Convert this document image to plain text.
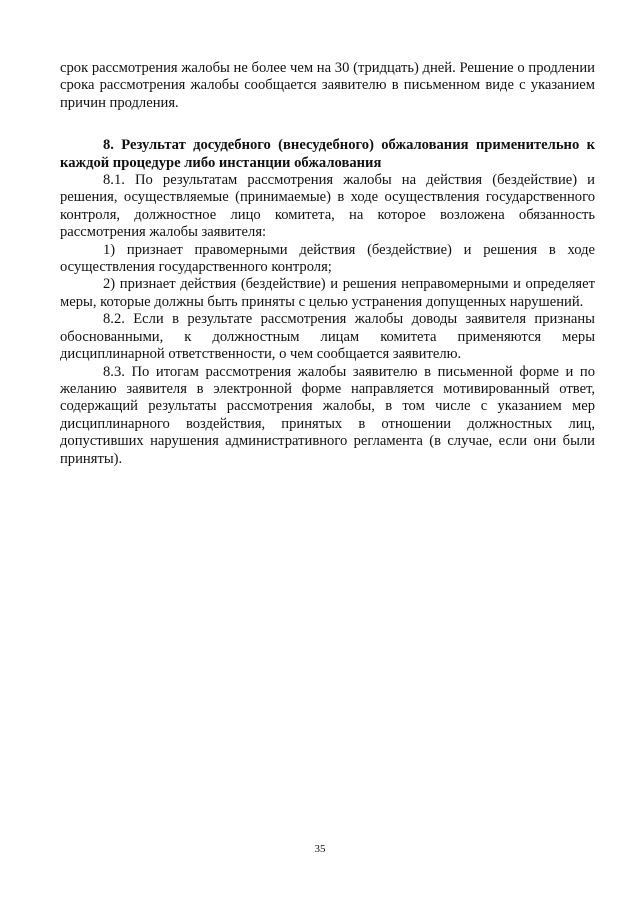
срок рассмотрения жалобы не более чем на 30 (тридцать) дней. Решение о продлении срока рассмотрения жалобы сообщается заявителю в письменном виде с указанием причин продления.

8. Результат досудебного (внесудебного) обжалования применительно к каждой процедуре либо инстанции обжалования

8.1. По результатам рассмотрения жалобы на действия (бездействие) и решения, осуществляемые (принимаемые) в ходе осуществления государственного контроля, должностное лицо комитета, на которое возложена обязанность рассмотрения жалобы заявителя:

1) признает правомерными действия (бездействие) и решения в ходе осуществления государственного контроля;

2) признает действия (бездействие) и решения неправомерными и определяет меры, которые должны быть приняты с целью устранения допущенных нарушений.

8.2. Если в результате рассмотрения жалобы доводы заявителя признаны обоснованными, к должностным лицам комитета применяются меры дисциплинарной ответственности, о чем сообщается заявителю.

8.3. По итогам рассмотрения жалобы заявителю в письменной форме и по желанию заявителя в электронной форме направляется мотивированный ответ, содержащий результаты рассмотрения жалобы, в том числе с указанием мер дисциплинарного воздействия, принятых в отношении должностных лиц, допустивших нарушения административного регламента (в случае, если они были приняты).

35
